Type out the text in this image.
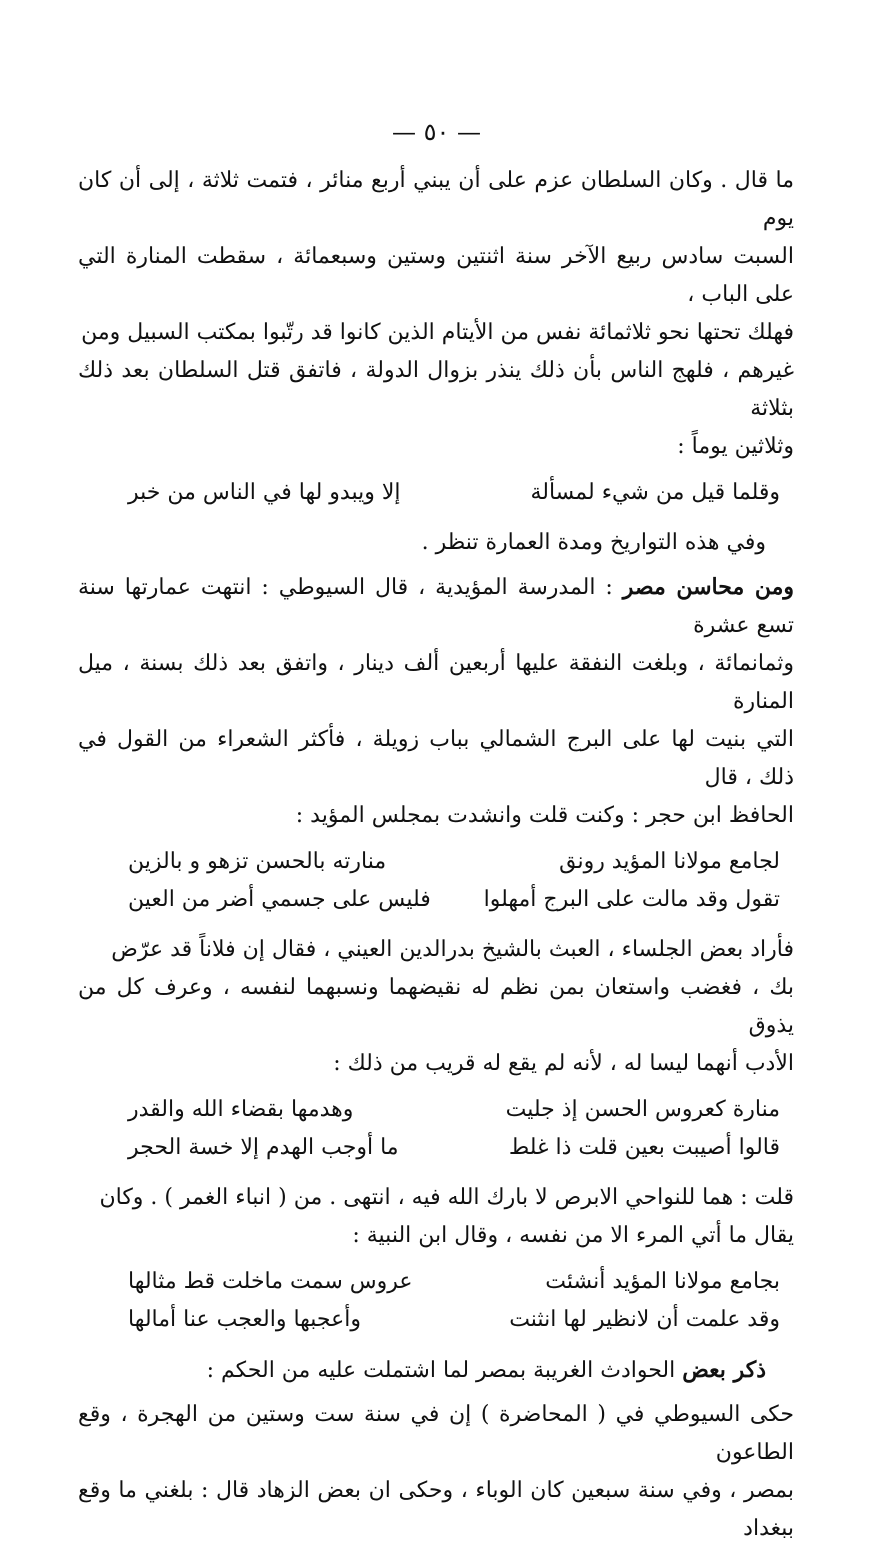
— ٥٠ —
ما قال . وكان السلطان عزم على أن يبني أربع منائر ، فتمت ثلاثة ، إلى أن كان يوم
السبت سادس ربيع الآخر سنة اثنتين وستين وسبعمائة ، سقطت المنارة التي على الباب ،
فهلك تحتها نحو ثلاثمائة نفس من الأيتام الذين كانوا قد رتّبوا بمكتب السبيل ومن
غيرهم ، فلهج الناس بأن ذلك ينذر بزوال الدولة ، فاتفق قتل السلطان بعد ذلك بثلاثة
وثلاثين يوماً :
وقلما قيل من شيء لمسألة
إلا ويبدو لها في الناس من خبر
وفي هذه التواريخ ومدة العمارة تنظر .
ومن محاسن مصر : المدرسة المؤيدية ، قال السيوطي : انتهت عمارتها سنة تسع عشرة
وثمانمائة ، وبلغت النفقة عليها أربعين ألف دينار ، واتفق بعد ذلك بسنة ، ميل المنارة
التي بنيت لها على البرج الشمالي بباب زويلة ، فأكثر الشعراء من القول في ذلك ، قال
الحافظ ابن حجر : وكنت قلت وانشدت بمجلس المؤيد :
لجامع مولانا المؤيد رونق
منارته بالحسن تزهو و بالزين
تقول وقد مالت على البرج أمهلوا
فليس على جسمي أضر من العين
فأراد بعض الجلساء ، العبث بالشيخ بدرالدين العيني ، فقال إن فلاناً قد عرّض
بك ، فغضب واستعان بمن نظم له نقيضهما ونسبهما لنفسه ، وعرف كل من يذوق
الأدب أنهما ليسا له ، لأنه لم يقع له قريب من ذلك :
منارة كعروس الحسن إذ جليت
وهدمها بقضاء الله والقدر
قالوا أصيبت بعين قلت ذا غلط
ما أوجب الهدم إلا خسة الحجر
قلت : هما للنواحي الابرص لا بارك الله فيه ، انتهى . من ( انباء الغمر ) . وكان
يقال ما أتي المرء الا من نفسه ، وقال ابن النبية :
بجامع مولانا المؤيد أنشئت
عروس سمت ماخلت قط مثالها
وقد علمت أن لانظير لها انثنت
وأعجبها والعجب عنا أمالها
ذكر بعض الحوادث الغريبة بمصر لما اشتملت عليه من الحكم :
حكى السيوطي في ( المحاضرة ) إن في سنة ست وستين من الهجرة ، وقع الطاعون
بمصر ، وفي سنة سبعين كان الوباء ، وحكى ان بعض الزهاد قال : بلغني ما وقع ببغداد
